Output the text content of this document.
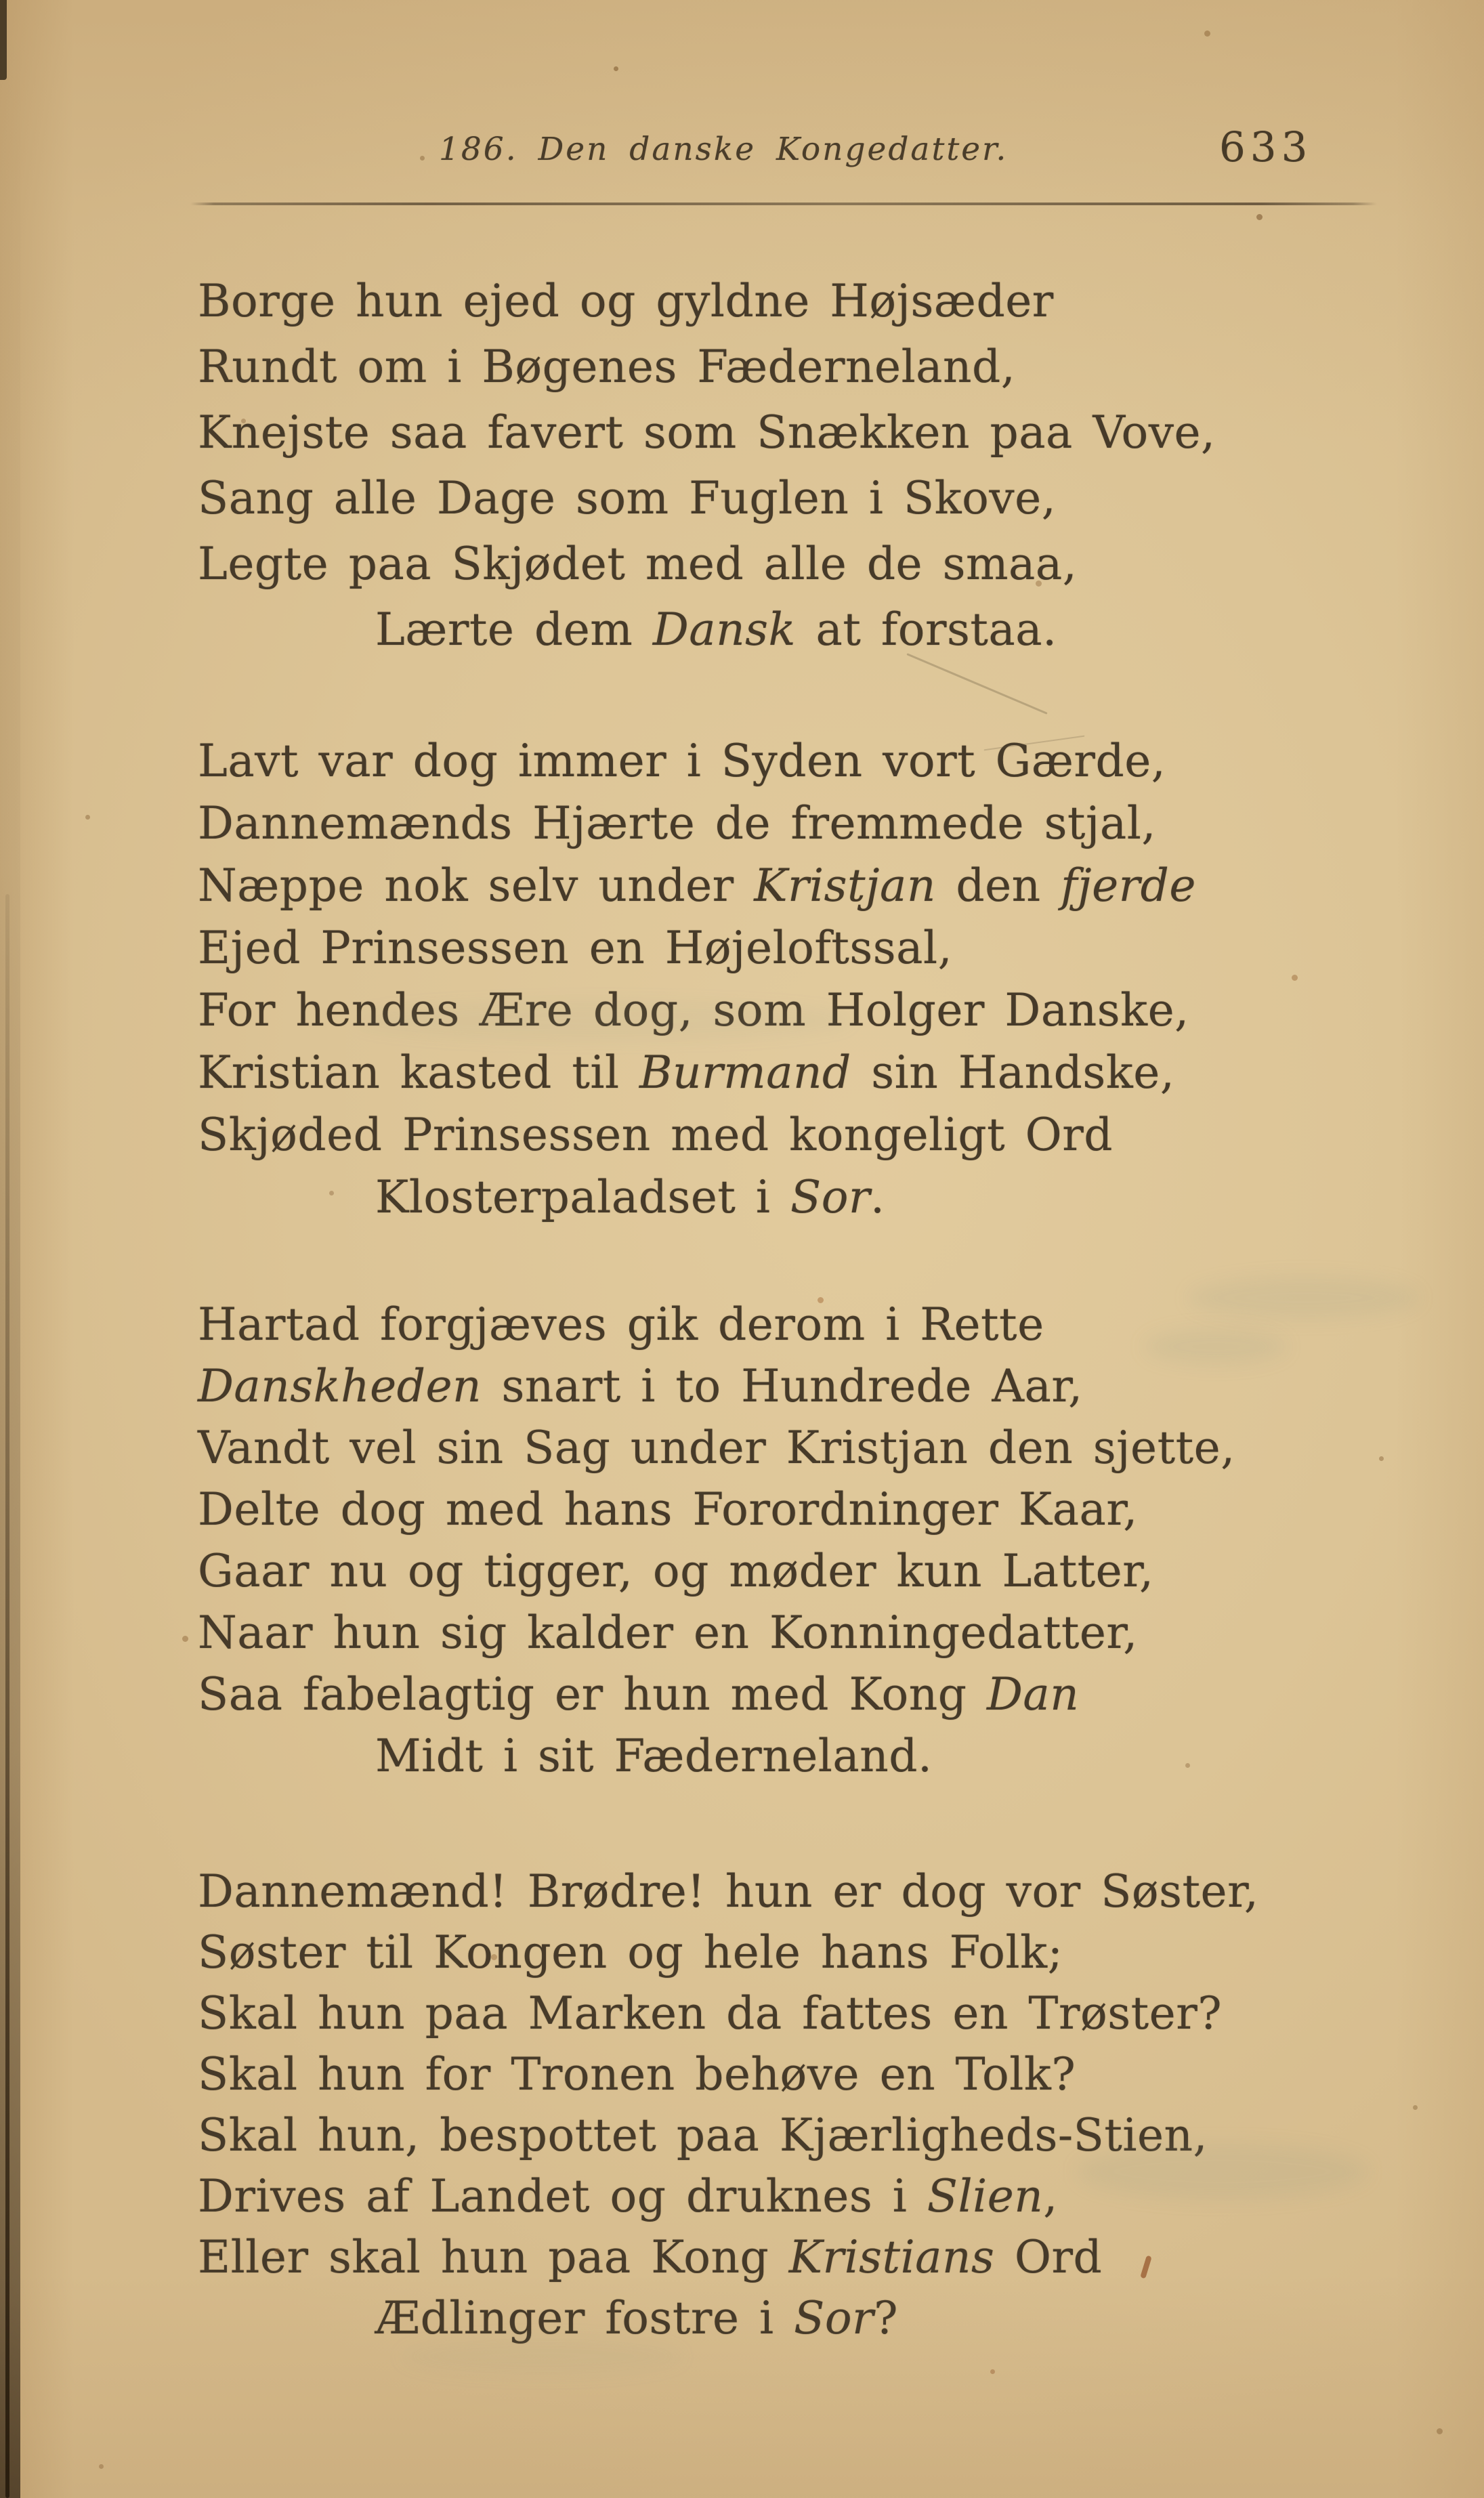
186. Den danske Kongedatter.	633
Borge hun ejed og gyldne Højsæder
Rundt om i Bøgenes Fæderneland,
Knejste saa favert som Snækken paa Vove,
Sang alle Dage som Fuglen i Skove,
Legte paa Skjødet med alle de smaa,
Lærte dem Dansk at forstaa.
Lavt var dog immer i Syden vort Gærde,
Dannemænds Hjærte de fremmede stjal,
Næppe nok selv under Kristjan den fjerde
Ejed Prinsessen en Højeloftssal,
For hendes Ære dog, som Holger Danske,
Kristian kasted til Burmand sin Handske,
Skjøded Prinsessen med kongeligt Ord
Klosterpaladset i Sor.
Hartad forgjæves gik derom i Rette
Danskheden snart i to Hundrede Aar,
Vandt vel sin Sag under Kristjan den sjette,
Delte dog med hans Forordninger Kaar,
Gaar nu og tigger, og møder kun Latter,
Naar hun sig kalder en Konningedatter,
Saa fabelagtig er hun med Kong Dan
Midt i sit Fæderneland.
Dannemænd! Brødre! hun er dog vor Søster,
Søster til Kongen og hele hans Folk;
Skal hun paa Marken da fattes en Trøster?
Skal hun for Tronen behøve en Tolk?
Skal hun, bespottet paa Kjærligheds-Stien,
Drives af Landet og druknes i Slien,
Eller skal hun paa Kong Kristians Ord
Ædlinger fostre i Sor?
